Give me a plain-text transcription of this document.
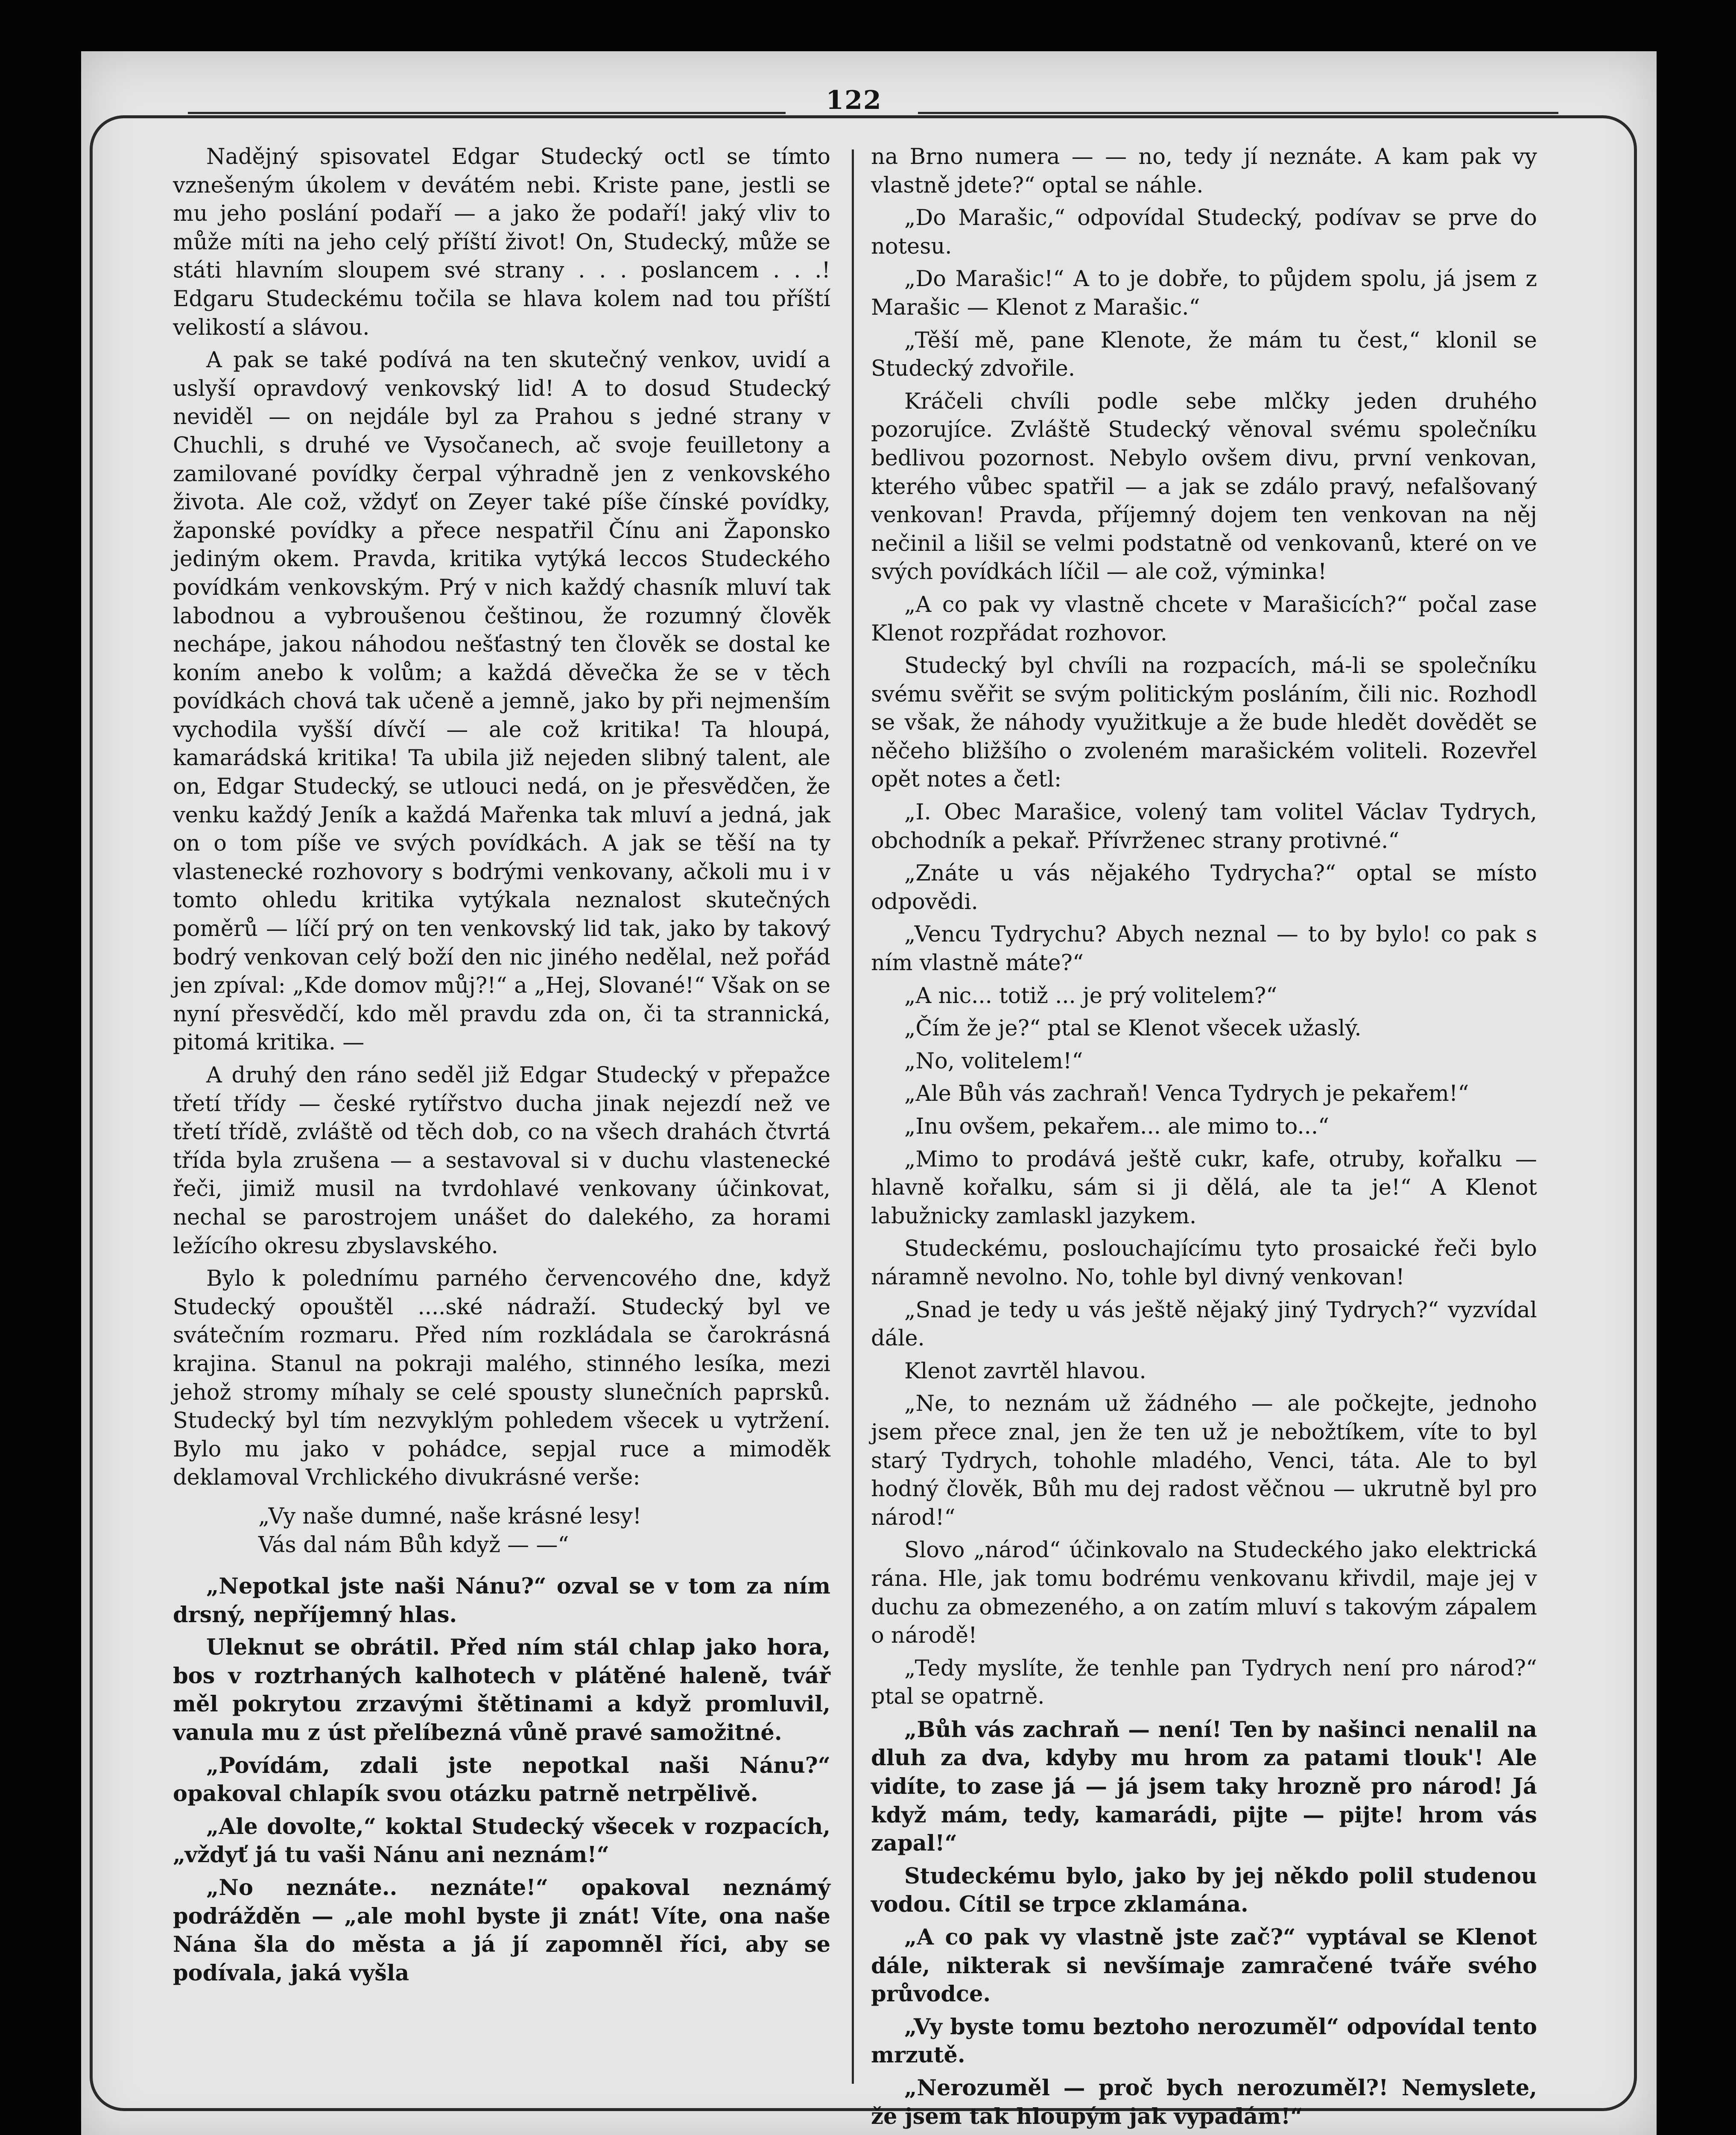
122

Nadějný spisovatel Edgar Studecký octl se tímto vznešeným úkolem v devátém nebi. Kriste pane, jestli se mu jeho poslání podaří — a jako že podaří! jaký vliv to může míti na jeho celý příští život! On, Studecký, může se státi hlavním sloupem své strany . . . poslancem . . .! Edgaru Studeckému točila se hlava kolem nad tou příští velikostí a slávou.

A pak se také podívá na ten skutečný venkov, uvidí a uslyší opravdový venkovský lid! A to dosud Studecký neviděl — on nejdále byl za Prahou s jedné strany v Chuchli, s druhé ve Vysočanech, ač svoje feuilletony a zamilované povídky čerpal výhradně jen z venkovského života. Ale což, vždyť on Zeyer také píše čínské povídky, žaponské povídky a přece nespatřil Čínu ani Žaponsko jediným okem. Pravda, kritika vytýká leccos Studeckého povídkám venkovským. Prý v nich každý chasník mluví tak labodnou a vybroušenou češtinou, že rozumný člověk nechápe, jakou náhodou nešťastný ten člověk se dostal ke koním anebo k volům; a každá děvečka že se v těch povídkách chová tak učeně a jemně, jako by při nejmenším vychodila vyšší dívčí — ale což kritika! Ta hloupá, kamarádská kritika! Ta ubila již nejeden slibný talent, ale on, Edgar Studecký, se utlouci nedá, on je přesvědčen, že venku každý Jeník a každá Mařenka tak mluví a jedná, jak on o tom píše ve svých povídkách. A jak se těší na ty vlastenecké rozhovory s bodrými venkovany, ačkoli mu i v tomto ohledu kritika vytýkala neznalost skutečných poměrů — líčí prý on ten venkovský lid tak, jako by takový bodrý venkovan celý boží den nic jiného nedělal, než pořád jen zpíval: „Kde domov můj?!“ a „Hej, Slované!“ Však on se nyní přesvědčí, kdo měl pravdu zda on, či ta strannická, pitomá kritika. —

A druhý den ráno seděl již Edgar Studecký v přepažce třetí třídy — české rytířstvo ducha jinak nejezdí než ve třetí třídě, zvláště od těch dob, co na všech drahách čtvrtá třída byla zrušena — a sestavoval si v duchu vlastenecké řeči, jimiž musil na tvrdohlavé venkovany účinkovat, nechal se parostrojem unášet do dalekého, za horami ležícího okresu zbyslavského.

Bylo k polednímu parného červencového dne, když Studecký opouštěl ....ské nádraží. Studecký byl ve svátečním rozmaru. Před ním rozkládala se čarokrásná krajina. Stanul na pokraji malého, stinného lesíka, mezi jehož stromy míhaly se celé spousty slunečních paprsků. Studecký byl tím nezvyklým pohledem všecek u vytržení. Bylo mu jako v pohádce, sepjal ruce a mimoděk deklamoval Vrchlického divukrásné verše:

„Vy naše dumné, naše krásné lesy!

Vás dal nám Bůh když — —“

„Nepotkal jste naši Nánu?“ ozval se v tom za ním drsný, nepříjemný hlas.

Uleknut se obrátil. Před ním stál chlap jako hora, bos v roztrhaných kalhotech v plátěné haleně, tvář měl pokrytou zrzavými štětinami a když promluvil, vanula mu z úst přelíbezná vůně pravé samožitné.

„Povídám, zdali jste nepotkal naši Nánu?“ opakoval chlapík svou otázku patrně netrpělivě.

„Ale dovolte,“ koktal Studecký všecek v rozpacích, „vždyť já tu vaši Nánu ani neznám!“

„No neznáte.. neznáte!“ opakoval neznámý podrážděn — „ale mohl byste ji znát! Víte, ona naše Nána šla do města a já jí zapomněl říci, aby se podívala, jaká vyšla

na Brno numera — — no, tedy jí neznáte. A kam pak vy vlastně jdete?“ optal se náhle.

„Do Marašic,“ odpovídal Studecký, podívav se prve do notesu.

„Do Marašic!“ A to je dobře, to půjdem spolu, já jsem z Marašic — Klenot z Marašic.“

„Těší mě, pane Klenote, že mám tu čest,“ klonil se Studecký zdvořile.

Kráčeli chvíli podle sebe mlčky jeden druhého pozorujíce. Zvláště Studecký věnoval svému společníku bedlivou pozornost. Nebylo ovšem divu, první venkovan, kterého vůbec spatřil — a jak se zdálo pravý, nefalšovaný venkovan! Pravda, příjemný dojem ten venkovan na něj nečinil a lišil se velmi podstatně od venkovanů, které on ve svých povídkách líčil — ale což, výminka!

„A co pak vy vlastně chcete v Marašicích?“ počal zase Klenot rozpřádat rozhovor.

Studecký byl chvíli na rozpacích, má-li se společníku svému svěřit se svým politickým posláním, čili nic. Rozhodl se však, že náhody využitkuje a že bude hledět dovědět se něčeho bližšího o zvoleném marašickém voliteli. Rozevřel opět notes a četl:

„I. Obec Marašice, volený tam volitel Václav Tydrych, obchodník a pekař. Přívrženec strany protivné.“

„Znáte u vás nějakého Tydrycha?“ optal se místo odpovědi.

„Vencu Tydrychu? Abych neznal — to by bylo! co pak s ním vlastně máte?“

„A nic... totiž ... je prý volitelem?“

„Čím že je?“ ptal se Klenot všecek užaslý.

„No, volitelem!“

„Ale Bůh vás zachraň! Venca Tydrych je pekařem!“

„Inu ovšem, pekařem... ale mimo to...“

„Mimo to prodává ještě cukr, kafe, otruby, kořalku — hlavně kořalku, sám si ji dělá, ale ta je!“ A Klenot labužnicky zamlaskl jazykem.

Studeckému, poslouchajícímu tyto prosaické řeči bylo náramně nevolno. No, tohle byl divný venkovan!

„Snad je tedy u vás ještě nějaký jiný Tydrych?“ vyzvídal dále.

Klenot zavrtěl hlavou.

„Ne, to neznám už žádného — ale počkejte, jednoho jsem přece znal, jen že ten už je nebožtíkem, víte to byl starý Tydrych, tohohle mladého, Venci, táta. Ale to byl hodný člověk, Bůh mu dej radost věčnou — ukrutně byl pro národ!“

Slovo „národ“ účinkovalo na Studeckého jako elektrická rána. Hle, jak tomu bodrému venkovanu křivdil, maje jej v duchu za obmezeného, a on zatím mluví s takovým zápalem o národě!

„Tedy myslíte, že tenhle pan Tydrych není pro národ?“ ptal se opatrně.

„Bůh vás zachraň — není! Ten by našinci nenalil na dluh za dva, kdyby mu hrom za patami tlouk'! Ale vidíte, to zase já — já jsem taky hrozně pro národ! Já když mám, tedy, kamarádi, pijte — pijte! hrom vás zapal!“

Studeckému bylo, jako by jej někdo polil studenou vodou. Cítil se trpce zklamána.

„A co pak vy vlastně jste zač?“ vyptával se Klenot dále, nikterak si nevšímaje zamračené tváře svého průvodce.

„Vy byste tomu beztoho nerozuměl“ odpovídal tento mrzutě.

„Nerozuměl — proč bych nerozuměl?! Nemyslete, že jsem tak hloupým jak vypadám!“
